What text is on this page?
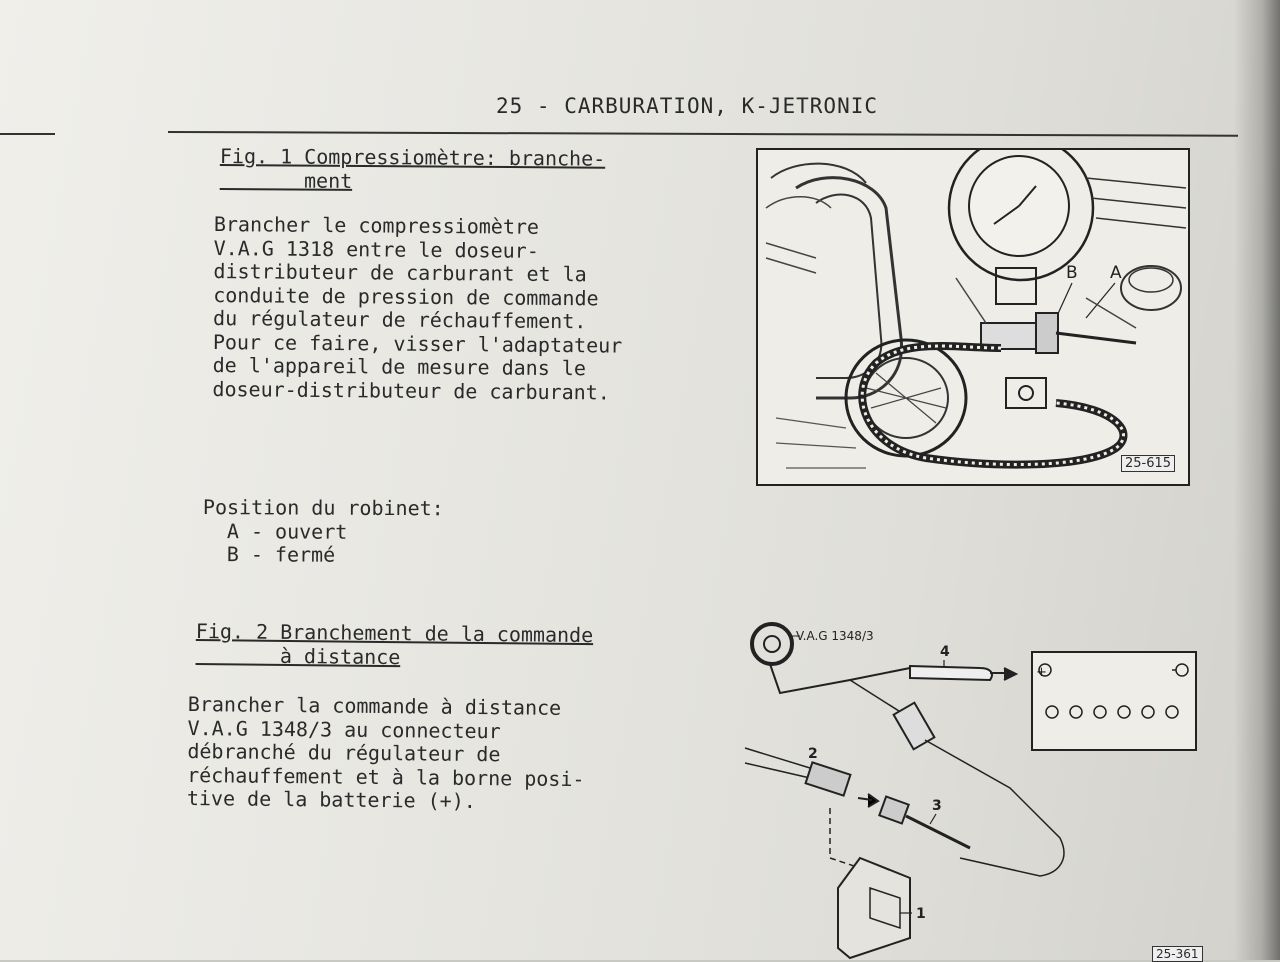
25 - CARBURATION, K-JETRONIC
Fig. 1 Compressiomètre: branche-
ment
Brancher le compressiomètre
V.A.G 1318 entre le doseur-
distributeur de carburant et la
conduite de pression de commande
du régulateur de réchauffement.
Pour ce faire, visser l'adaptateur
de l'appareil de mesure dans le
doseur-distributeur de carburant.
Position du robinet:
A - ouvert
B - fermé
B A
25-615
Fig. 2 Branchement de la commande
à distance
Brancher la commande à distance
V.A.G 1348/3 au connecteur
débranché du régulateur de
réchauffement et à la borne posi-
tive de la batterie (+).
V.A.G 1348/3
4
+
2
3
1
25-361
